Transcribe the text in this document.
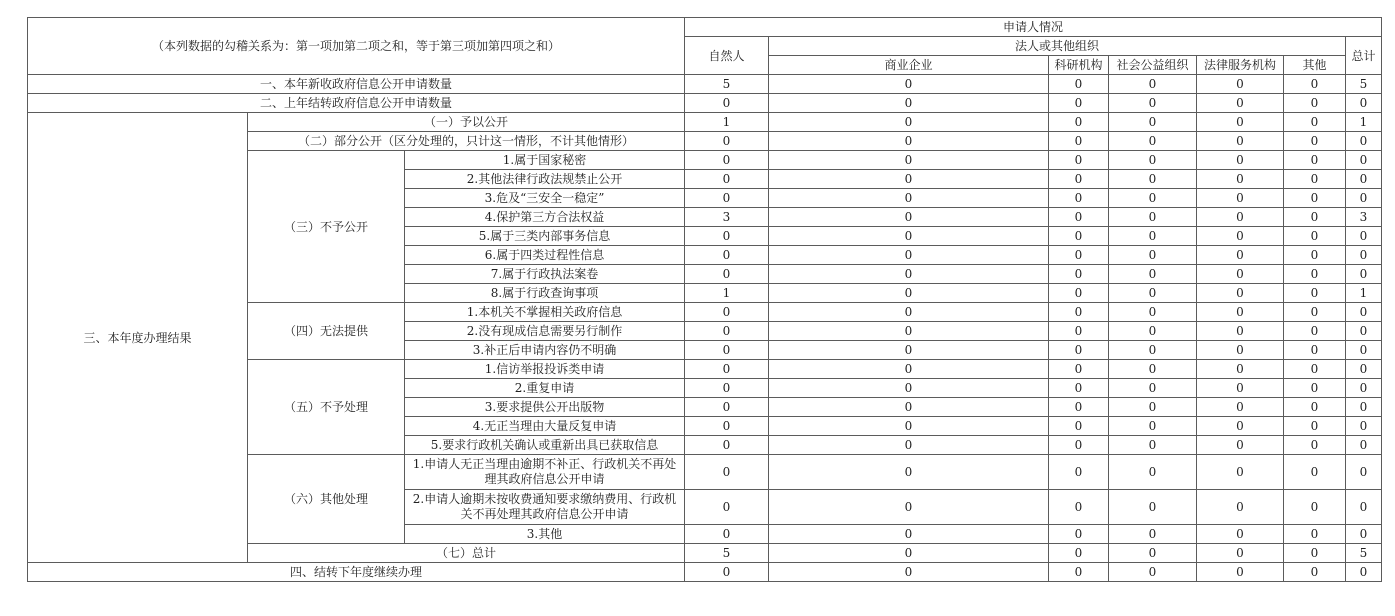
（本列数据的勾稽关系为：第一项加第二项之和，等于第三项加第四项之和）			申请人情况						
			自然人	法人或其他组织					总计
				商业企业	科研机构	社会公益组织	法律服务机构	其他	
一、本年新收政府信息公开申请数量			5	0	0	0	0	0	5
二、上年结转政府信息公开申请数量			0	0	0	0	0	0	0
三、本年度办理结果	（一）予以公开		1	0	0	0	0	0	1
	（二）部分公开（区分处理的，只计这一情形，不计其他情形）		0	0	0	0	0	0	0
	（三）不予公开	1.属于国家秘密	0	0	0	0	0	0	0
		2.其他法律行政法规禁止公开	0	0	0	0	0	0	0
		3.危及“三安全一稳定”	0	0	0	0	0	0	0
		4.保护第三方合法权益	3	0	0	0	0	0	3
		5.属于三类内部事务信息	0	0	0	0	0	0	0
		6.属于四类过程性信息	0	0	0	0	0	0	0
		7.属于行政执法案卷	0	0	0	0	0	0	0
		8.属于行政查询事项	1	0	0	0	0	0	1
	（四）无法提供	1.本机关不掌握相关政府信息	0	0	0	0	0	0	0
		2.没有现成信息需要另行制作	0	0	0	0	0	0	0
		3.补正后申请内容仍不明确	0	0	0	0	0	0	0
	（五）不予处理	1.信访举报投诉类申请	0	0	0	0	0	0	0
		2.重复申请	0	0	0	0	0	0	0
		3.要求提供公开出版物	0	0	0	0	0	0	0
		4.无正当理由大量反复申请	0	0	0	0	0	0	0
		5.要求行政机关确认或重新出具已获取信息	0	0	0	0	0	0	0
	（六）其他处理	1.申请人无正当理由逾期不补正、行政机关不再处理其政府信息公开申请	0	0	0	0	0	0	0
		2.申请人逾期未按收费通知要求缴纳费用、行政机关不再处理其政府信息公开申请	0	0	0	0	0	0	0
		3.其他	0	0	0	0	0	0	0
	（七）总计		5	0	0	0	0	0	5
四、结转下年度继续办理			0	0	0	0	0	0	0
